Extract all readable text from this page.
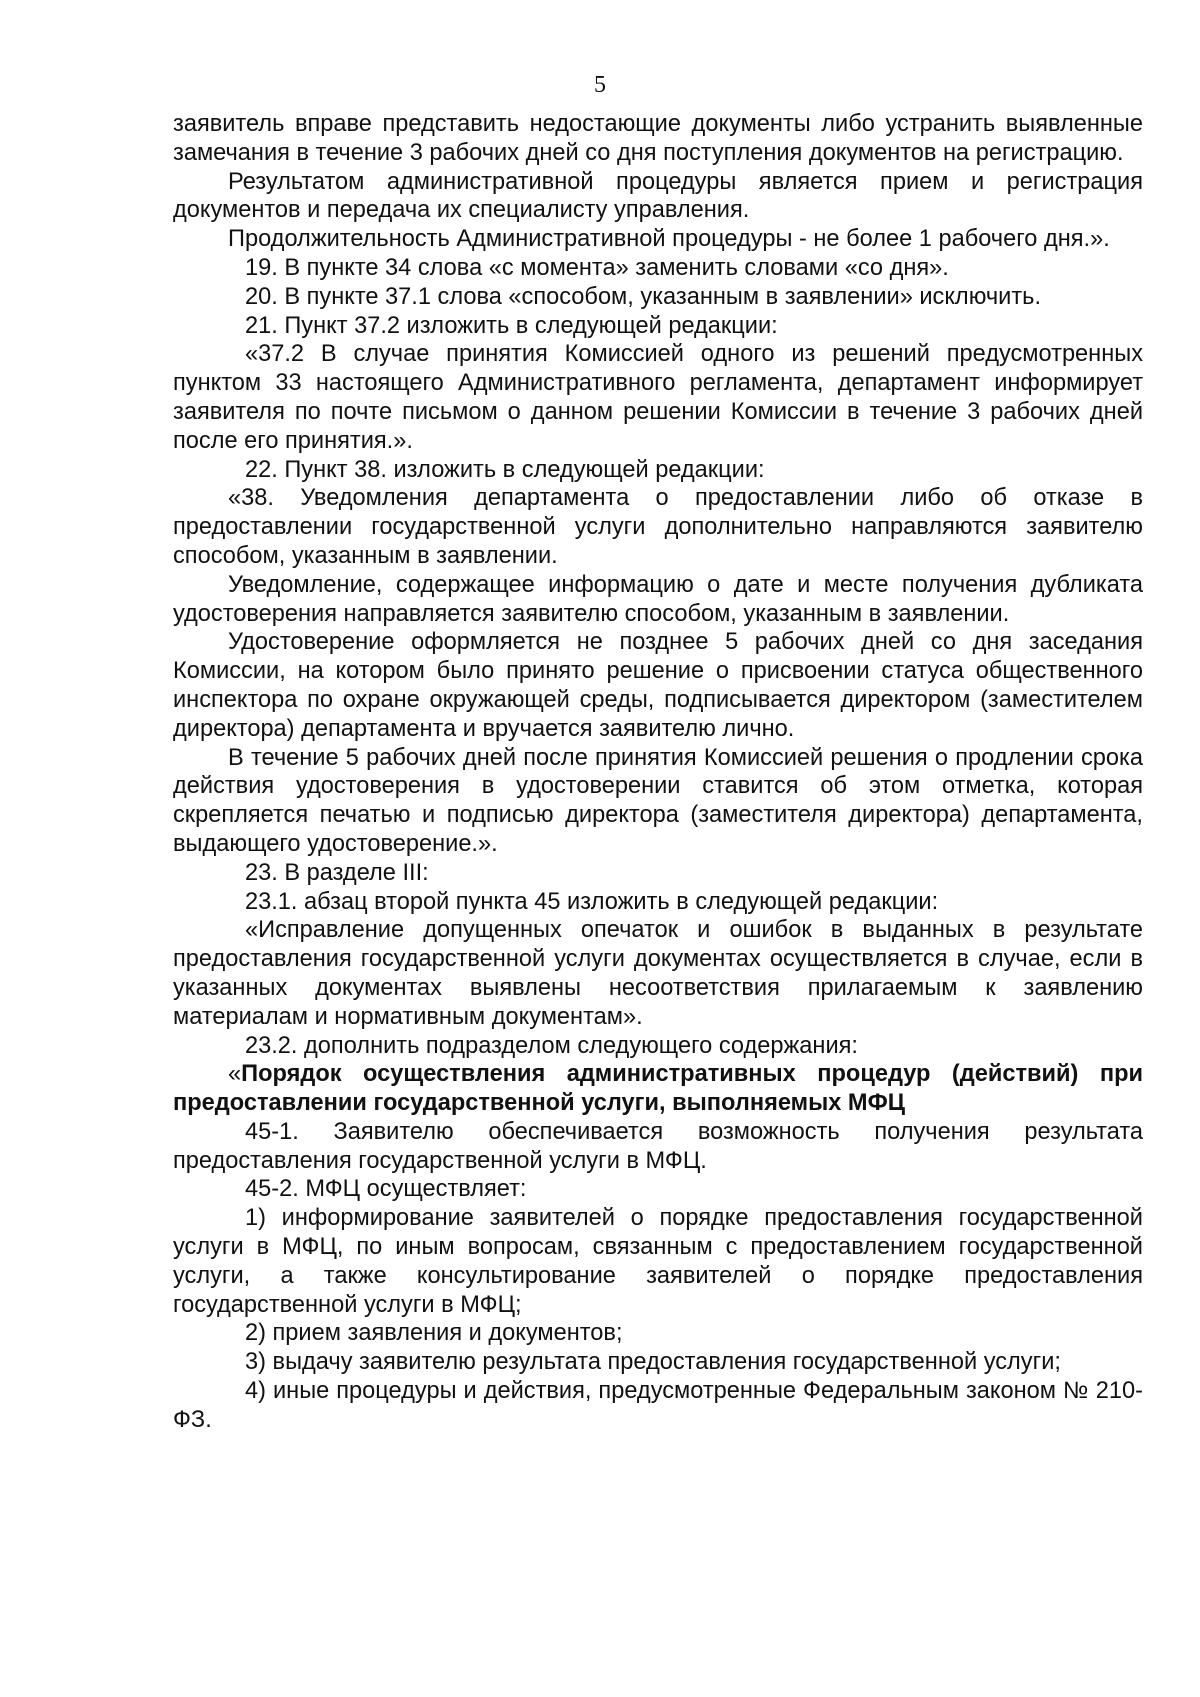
5

заявитель вправе представить недостающие документы либо устранить выявленные замечания в течение 3 рабочих дней со дня поступления документов на регистрацию.

Результатом административной процедуры является прием и регистрация документов и передача их специалисту управления.

Продолжительность Административной процедуры - не более 1 рабочего дня.».

19. В пункте 34 слова «с момента» заменить словами «со дня».

20. В пункте 37.1 слова «способом, указанным в заявлении» исключить.

21. Пункт 37.2 изложить в следующей редакции:

«37.2 В случае принятия Комиссией одного из решений предусмотренных пунктом 33 настоящего Административного регламента, департамент информирует заявителя по почте письмом о данном решении Комиссии в течение 3 рабочих дней после его принятия.».

22. Пункт 38. изложить в следующей редакции:

«38. Уведомления департамента о предоставлении либо об отказе в предоставлении государственной услуги дополнительно направляются заявителю способом, указанным в заявлении.

Уведомление, содержащее информацию о дате и месте получения дубликата удостоверения направляется заявителю способом, указанным в заявлении.

Удостоверение оформляется не позднее 5 рабочих дней со дня заседания Комиссии, на котором было принято решение о присвоении статуса общественного инспектора по охране окружающей среды, подписывается директором (заместителем директора) департамента и вручается заявителю лично.

В течение 5 рабочих дней после принятия Комиссией решения о продлении срока действия удостоверения в удостоверении ставится об этом отметка, которая скрепляется печатью и подписью директора (заместителя директора) департамента, выдающего удостоверение.».

23. В разделе III:

23.1. абзац второй пункта 45 изложить в следующей редакции:

«Исправление допущенных опечаток и ошибок в выданных в результате предоставления государственной услуги документах осуществляется в случае, если в указанных документах выявлены несоответствия прилагаемым к заявлению материалам и нормативным документам».

23.2. дополнить подразделом следующего содержания:

«Порядок осуществления административных процедур (действий) при предоставлении государственной услуги, выполняемых МФЦ

45-1. Заявителю обеспечивается возможность получения результата предоставления государственной услуги в МФЦ.

45-2. МФЦ осуществляет:

1) информирование заявителей о порядке предоставления государственной услуги в МФЦ, по иным вопросам, связанным с предоставлением государственной услуги, а также консультирование заявителей о порядке предоставления государственной услуги в МФЦ;

2) прием заявления и документов;

3) выдачу заявителю результата предоставления государственной услуги;

4) иные процедуры и действия, предусмотренные Федеральным законом № 210-ФЗ.
